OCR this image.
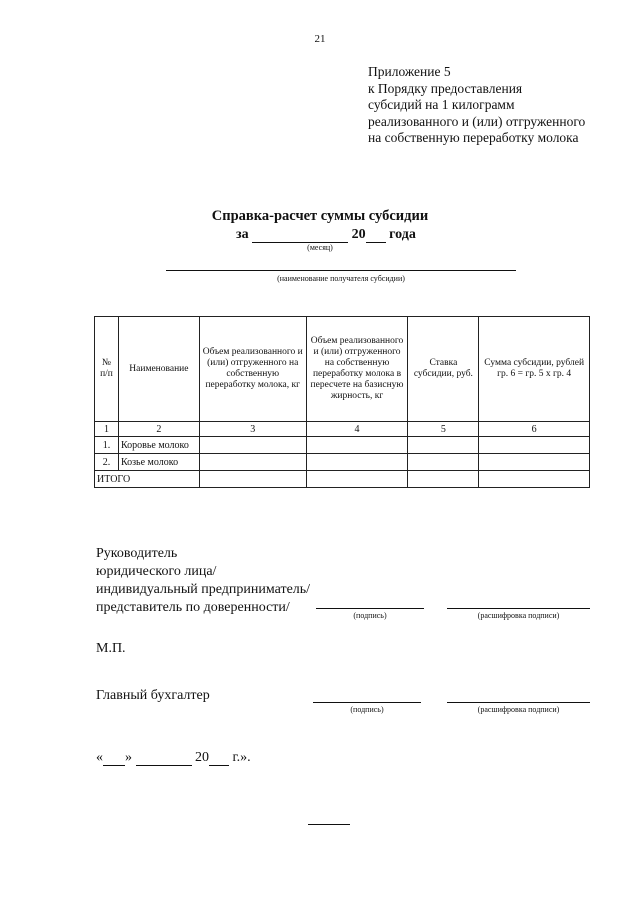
21
Приложение 5
к Порядку предоставления
субсидий на 1 килограмм
реализованного и (или) отгруженного
на собственную переработку молока
Справка-расчет суммы субсидии
за	20 года
(месяц)
(наименование получателя субсидии)
№ п/п	Наименование	Объем реализованного и (или) отгруженного на собственную переработку молока, кг	Объем реализованного и (или) отгруженного на собственную переработку молока в пересчете на базисную жирность, кг	Ставка субсидии, руб.	Сумма субсидии, рублей гр. 6 = гр. 5 х гр. 4
1	2	3	4	5	6
1.	Коровье молоко				
2.	Козье молоко				
ИТОГО					
Руководитель
юридического лица/
индивидуальный предприниматель/
представитель по доверенности/
(подпись)	(расшифровка подписи)
М.П.
Главный бухгалтер
(подпись)	(расшифровка подписи)
« »	20 г.».
